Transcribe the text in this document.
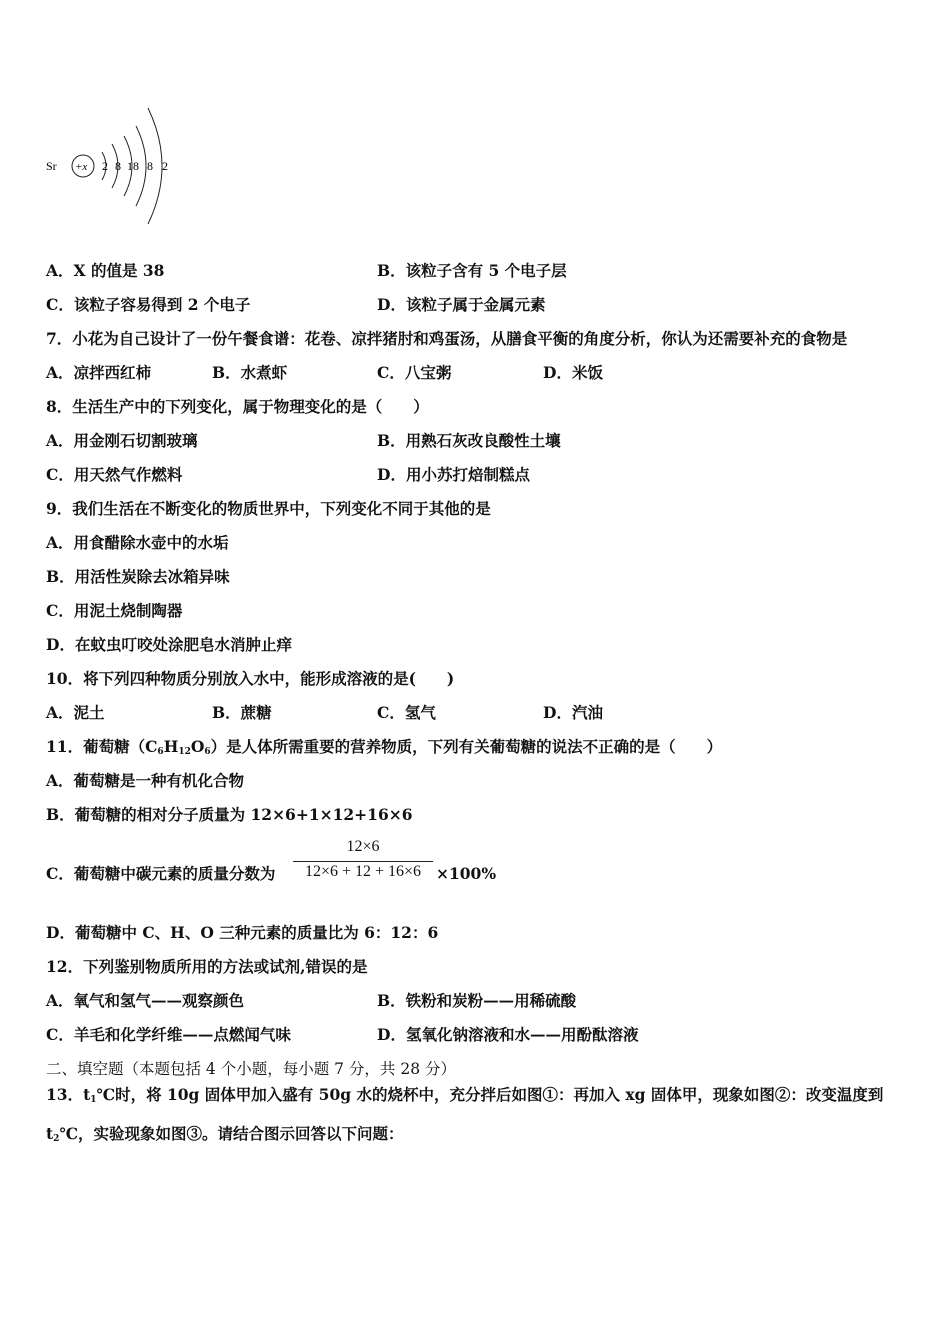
Sr +x 2 8 18 8 2
A．X 的值是 38	B．该粒子含有 5 个电子层
C．该粒子容易得到 2 个电子	D．该粒子属于金属元素
7．小花为自己设计了一份午餐食谱：花卷、凉拌猪肘和鸡蛋汤，从膳食平衡的角度分析，你认为还需要补充的食物是
A．凉拌西红柿	B．水煮虾	C．八宝粥	D．米饭
8．生活生产中的下列变化，属于物理变化的是（　　）
A．用金刚石切割玻璃	B．用熟石灰改良酸性土壤
C．用天然气作燃料	D．用小苏打焙制糕点
9．我们生活在不断变化的物质世界中，下列变化不同于其他的是
A．用食醋除水壶中的水垢
B．用活性炭除去冰箱异味
C．用泥土烧制陶器
D．在蚊虫叮咬处涂肥皂水消肿止痒
10．将下列四种物质分别放入水中，能形成溶液的是(　　)
A．泥土	B．蔗糖	C．氢气	D．汽油
11．葡萄糖$(C_6H_{12}O_6)$是人体所需重要的营养物质，下列有关葡萄糖的说法不正确的是（　　）
A．葡萄糖是一种有机化合物
B．葡萄糖的相对分子质量为 12×6+1×12+16×6
C．葡萄糖中碳元素的质量分数为
12×6
12×6 + 12 + 16×6 ×100%
D．葡萄糖中 C、H、O 三种元素的质量比为 6：12：6
12．下列鉴别物质所用的方法或试剂,错误的是
A．氧气和氢气——观察颜色	B．铁粉和炭粉——用稀硫酸
C．羊毛和化学纤维——点燃闻气味	D．氢氧化钠溶液和水——用酚酞溶液
二、填空题（本题包括 4 个小题，每小题 7 分，共 28 分）
13．$t_1℃$时，将 10g 固体甲加入盛有 50g 水的烧杯中，充分拌后如图①：再加入 xg 固体甲，现象如图②：改变温度到
$t_2℃$，实验现象如图③。请结合图示回答以下问题：
